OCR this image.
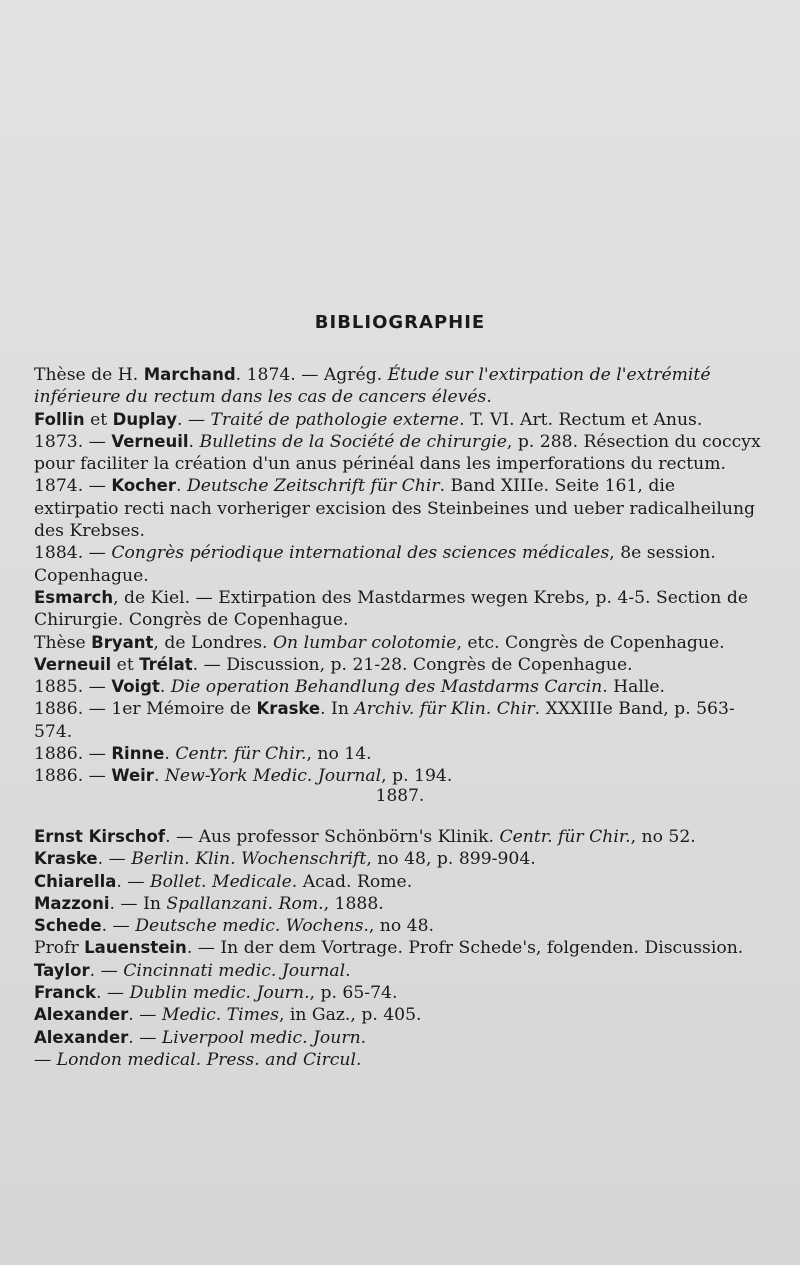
BIBLIOGRAPHIE
Thèse de H. Marchand. 1874. — Agrég. Étude sur l'extirpation de l'extrémité inférieure du rectum dans les cas de cancers élevés.
Follin et Duplay. — Traité de pathologie externe. T. VI. Art. Rectum et Anus.
1873. — Verneuil. Bulletins de la Société de chirurgie, p. 288. Résection du coccyx pour faciliter la création d'un anus périnéal dans les imperforations du rectum.
1874. — Kocher. Deutsche Zeitschrift für Chir. Band XIIIe. Seite 161, die extirpatio recti nach vorheriger excision des Steinbeines und ueber radicalheilung des Krebses.
1884. — Congrès périodique international des sciences médicales, 8e session. Copenhague.
Esmarch, de Kiel. — Extirpation des Mastdarmes wegen Krebs, p. 4-5. Section de Chirurgie. Congrès de Copenhague.
Thèse Bryant, de Londres. On lumbar colotomie, etc. Congrès de Copenhague.
Verneuil et Trélat. — Discussion, p. 21-28. Congrès de Copenhague.
1885. — Voigt. Die operation Behandlung des Mastdarms Carcin. Halle.
1886. — 1er Mémoire de Kraske. In Archiv. für Klin. Chir. XXXIIIe Band, p. 563-574.
1886. — Rinne. Centr. für Chir., no 14.
1886. — Weir. New-York Medic. Journal, p. 194.
1887.
Ernst Kirschof. — Aus professor Schönbörn's Klinik. Centr. für Chir., no 52.
Kraske. — Berlin. Klin. Wochenschrift, no 48, p. 899-904.
Chiarella. — Bollet. Medicale. Acad. Rome.
Mazzoni. — In Spallanzani. Rom., 1888.
Schede. — Deutsche medic. Wochens., no 48.
Profr Lauenstein. — In der dem Vortrage. Profr Schede's, folgenden. Discussion.
Taylor. — Cincinnati medic. Journal.
Franck. — Dublin medic. Journ., p. 65-74.
Alexander. — Medic. Times, in Gaz., p. 405.
Alexander. — Liverpool medic. Journ.
— London medical. Press. and Circul.
